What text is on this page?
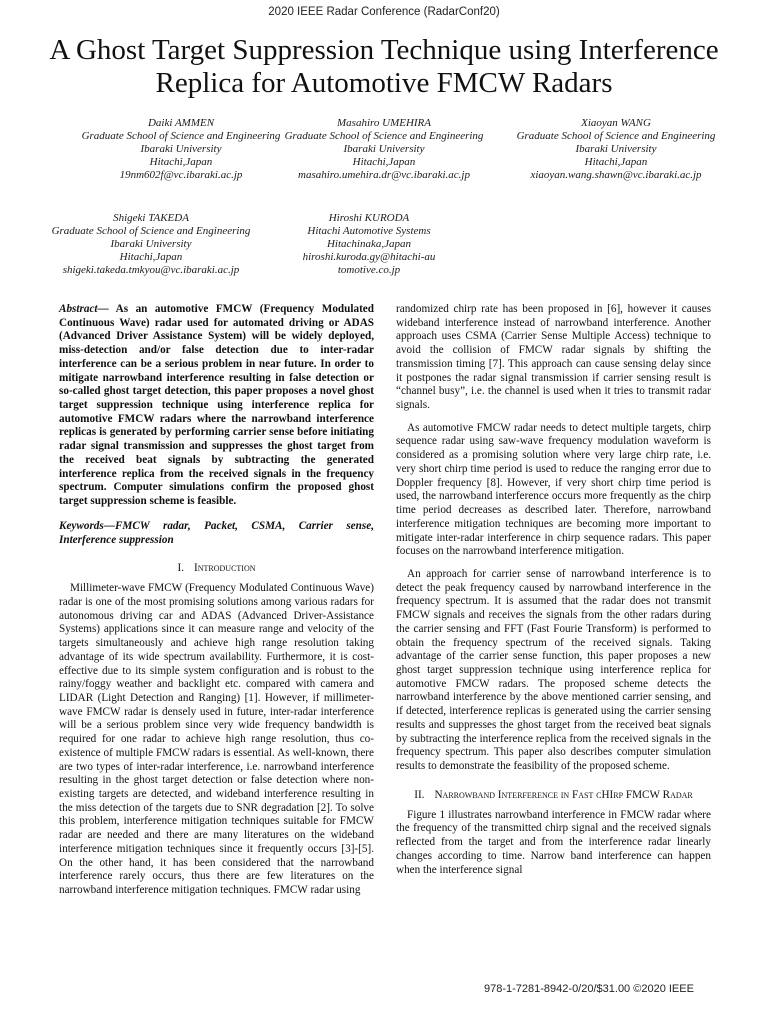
2020 IEEE Radar Conference (RadarConf20)
A Ghost Target Suppression Technique using Interference Replica for Automotive FMCW Radars
Daiki AMMEN
Graduate School of Science and Engineering
Ibaraki University
Hitachi,Japan
19nm602f@vc.ibaraki.ac.jp
Masahiro UMEHIRA
Graduate School of Science and Engineering
Ibaraki University
Hitachi,Japan
masahiro.umehira.dr@vc.ibaraki.ac.jp
Xiaoyan WANG
Graduate School of Science and Engineering
Ibaraki University
Hitachi,Japan
xiaoyan.wang.shawn@vc.ibaraki.ac.jp
Shigeki TAKEDA
Graduate School of Science and Engineering
Ibaraki University
Hitachi,Japan
shigeki.takeda.tmkyou@vc.ibaraki.ac.jp
Hiroshi KURODA
Hitachi Automotive Systems
Hitachinaka,Japan
hiroshi.kuroda.gy@hitachi-automotive.co.jp

Abstract— As an automotive FMCW (Frequency Modulated Continuous Wave) radar used for automated driving or ADAS (Advanced Driver Assistance System) will be widely deployed, miss-detection and/or false detection due to inter-radar interference can be a serious problem in near future. In order to mitigate narrowband interference resulting in false detection or so-called ghost target detection, this paper proposes a novel ghost target suppression technique using interference replica for automotive FMCW radars where the narrowband interference replicas is generated by performing carrier sense before initiating radar signal transmission and suppresses the ghost target from the received beat signals by subtracting the generated interference replica from the received signals in the frequency spectrum. Computer simulations confirm the proposed ghost target suppression scheme is feasible.

Keywords—FMCW radar, Packet, CSMA, Carrier sense, Interference suppression

I. Introduction

Millimeter-wave FMCW (Frequency Modulated Continuous Wave) radar is one of the most promising solutions among various radars for autonomous driving car and ADAS (Advanced Driver-Assistance Systems) applications since it can measure range and velocity of the targets simultaneously and achieve high range resolution taking advantage of its wide spectrum availability. Furthermore, it is cost-effective due to its simple system configuration and is robust to the rainy/foggy weather and backlight etc. compared with camera and LIDAR (Light Detection and Ranging) [1]. However, if millimeter-wave FMCW radar is densely used in future, inter-radar interference will be a serious problem since very wide frequency bandwidth is required for one radar to achieve high range resolution, thus co-existence of multiple FMCW radars is essential. As well-known, there are two types of inter-radar interference, i.e. narrowband interference resulting in the ghost target detection or false detection where non-existing targets are detected, and wideband interference resulting in the miss detection of the targets due to SNR degradation [2]. To solve this problem, interference mitigation techniques suitable for FMCW radar are needed and there are many literatures on the wideband interference mitigation techniques since it frequently occurs [3]-[5]. On the other hand, it has been considered that the narrowband interference rarely occurs, thus there are few literatures on the narrowband interference mitigation techniques. FMCW radar using

randomized chirp rate has been proposed in [6], however it causes wideband interference instead of narrowband interference. Another approach uses CSMA (Carrier Sense Multiple Access) technique to avoid the collision of FMCW radar signals by shifting the transmission timing [7]. This approach can cause sensing delay since it postpones the radar signal transmission if carrier sensing result is “channel busy”, i.e. the channel is used when it tries to transmit radar signals.

As automotive FMCW radar needs to detect multiple targets, chirp sequence radar using saw-wave frequency modulation waveform is considered as a promising solution where very large chirp rate, i.e. very short chirp time period is used to reduce the ranging error due to Doppler frequency [8]. However, if very short chirp time period is used, the narrowband interference occurs more frequently as the chirp time period decreases as described later. Therefore, narrowband interference mitigation techniques are becoming more important to mitigate inter-radar interference in chirp sequence radars. This paper focuses on the narrowband interference mitigation.

An approach for carrier sense of narrowband interference is to detect the peak frequency caused by narrowband interference in the frequency spectrum. It is assumed that the radar does not transmit FMCW signals and receives the signals from the other radars during the carrier sensing and FFT (Fast Fourie Transform) is performed to obtain the frequency spectrum of the received signals. Taking advantage of the carrier sense function, this paper proposes a new ghost target suppression technique using interference replica for automotive FMCW radars. The proposed scheme detects the narrowband interference by the above mentioned carrier sensing, and if detected, interference replicas is generated using the carrier sensing results and suppresses the ghost target from the received beat signals by subtracting the interference replica from the received signals in the frequency spectrum. This paper also describes computer simulation results to demonstrate the feasibility of the proposed scheme.

II. Narrowband Interference in Fast cHIrp FMCW Radar

Figure 1 illustrates narrowband interference in FMCW radar where the frequency of the transmitted chirp signal and the received signals reflected from the target and from the interference radar linearly changes according to time. Narrow band interference can happen when the interference signal

978-1-7281-8942-0/20/$31.00 ©2020 IEEE
